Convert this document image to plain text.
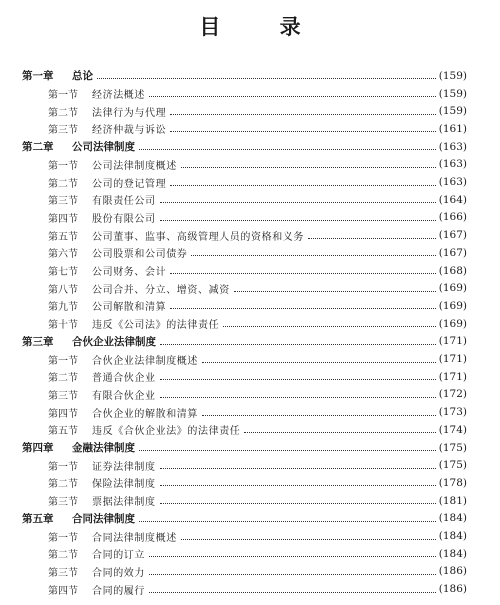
目 录
第一章	总论	(159)
第一节	经济法概述	(159)
第二节	法律行为与代理	(159)
第三节	经济仲裁与诉讼	(161)
第二章	公司法律制度	(163)
第一节	公司法律制度概述	(163)
第二节	公司的登记管理	(163)
第三节	有限责任公司	(164)
第四节	股份有限公司	(166)
第五节	公司董事、监事、高级管理人员的资格和义务	(167)
第六节	公司股票和公司债券	(167)
第七节	公司财务、会计	(168)
第八节	公司合并、分立、增资、减资	(169)
第九节	公司解散和清算	(169)
第十节	违反《公司法》的法律责任	(169)
第三章	合伙企业法律制度	(171)
第一节	合伙企业法律制度概述	(171)
第二节	普通合伙企业	(171)
第三节	有限合伙企业	(172)
第四节	合伙企业的解散和清算	(173)
第五节	违反《合伙企业法》的法律责任	(174)
第四章	金融法律制度	(175)
第一节	证券法律制度	(175)
第二节	保险法律制度	(178)
第三节	票据法律制度	(181)
第五章	合同法律制度	(184)
第一节	合同法律制度概述	(184)
第二节	合同的订立	(184)
第三节	合同的效力	(186)
第四节	合同的履行	(186)
